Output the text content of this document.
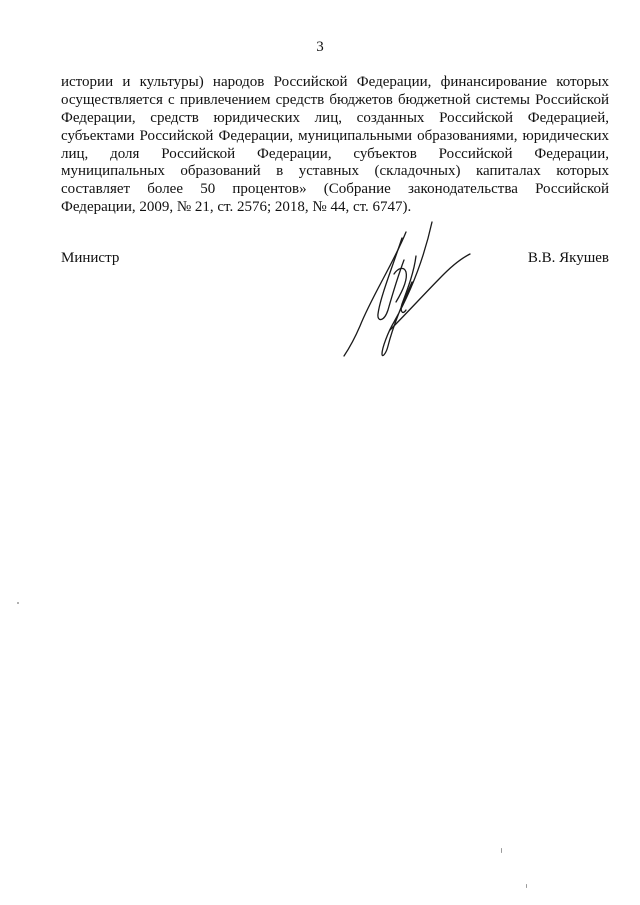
3
истории и культуры) народов Российской Федерации, финансирование которых
осуществляется с привлечением средств бюджетов бюджетной системы Российской
Федерации, средств юридических лиц, созданных Российской Федерацией,
субъектами Российской Федерации, муниципальными образованиями, юридических
лиц, доля Российской Федерации, субъектов Российской Федерации,
муниципальных образований в уставных (складочных) капиталах которых
составляет более 50 процентов» (Собрание законодательства Российской
Федерации, 2009, № 21, ст. 2576; 2018, № 44, ст. 6747).
Министр	В.В. Якушев
